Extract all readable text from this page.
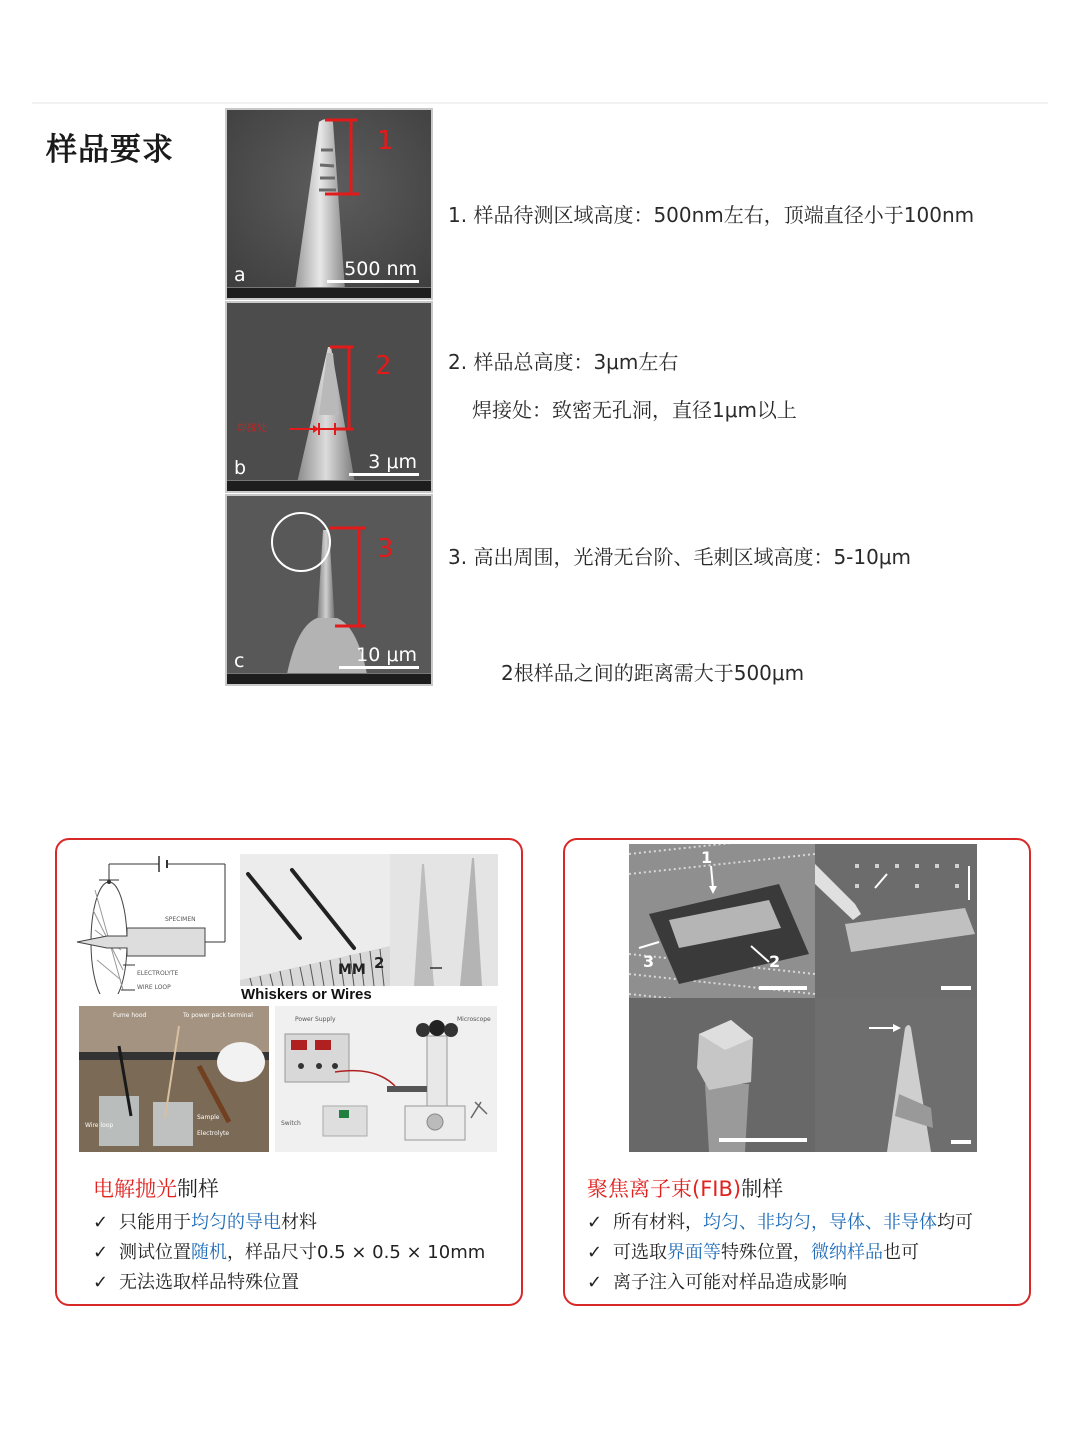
样品要求	1
500 nm
a
焊接处
2
3 μm
b
3
10 μm
c
1. 样品待测区域高度：500nm左右，顶端直径小于100nm
2. 样品总高度：3μm左右
焊接处：致密无孔洞，直径1μm以上
3. 高出周围，光滑无台阶、毛刺区域高度：5-10μm
2根样品之间的距离需大于500μm
SPECIMEN
ELECTROLYTE
WIRE LOOP
MM 2
Whiskers or Wires
Fume hood	To power pack terminal
Wire loop
Sample
Electrolyte
Power Supply	Microscope
Switch
电解抛光制样
✓ 只能用于均匀的导电材料
✓ 测试位置随机，样品尺寸0.5 × 0.5 × 10mm
✓ 无法选取样品特殊位置
1
2
3
聚焦离子束(FIB)制样
✓ 所有材料，均匀、非均匀，导体、非导体均可
✓ 可选取界面等特殊位置，微纳样品也可
✓ 离子注入可能对样品造成影响
